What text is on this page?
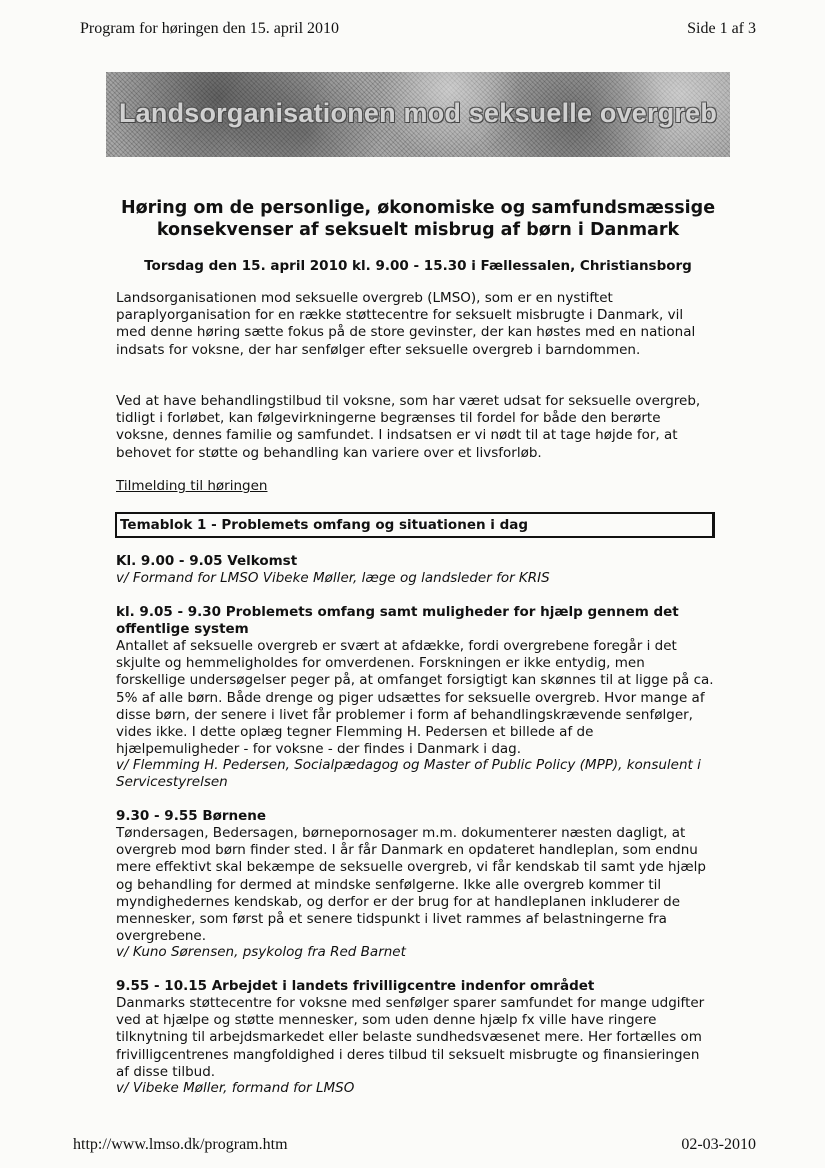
Program for høringen den 15. april 2010	Side 1 af 3
Landsorganisationen mod seksuelle overgreb
Høring om de personlige, økonomiske og samfundsmæssige
konsekvenser af seksuelt misbrug af børn i Danmark
Torsdag den 15. april 2010 kl. 9.00 - 15.30 i Fællessalen, Christiansborg

Landsorganisationen mod seksuelle overgreb (LMSO), som er en nystiftet paraplyorganisation for en række støttecentre for seksuelt misbrugte i Danmark, vil med denne høring sætte fokus på de store gevinster, der kan høstes med en national indsats for voksne, der har senfølger efter seksuelle overgreb i barndommen.

Ved at have behandlingstilbud til voksne, som har været udsat for seksuelle overgreb, tidligt i forløbet, kan følgevirkningerne begrænses til fordel for både den berørte voksne, dennes familie og samfundet. I indsatsen er vi nødt til at tage højde for, at behovet for støtte og behandling kan variere over et livsforløb.

Tilmelding til høringen
Temablok 1 - Problemets omfang og situationen i dag
Kl. 9.00 - 9.05 Velkomst
v/ Formand for LMSO Vibeke Møller, læge og landsleder for KRIS
kl. 9.05 - 9.30 Problemets omfang samt muligheder for hjælp gennem det offentlige system
Antallet af seksuelle overgreb er svært at afdække, fordi overgrebene foregår i det skjulte og hemmeligholdes for omverdenen. Forskningen er ikke entydig, men forskellige undersøgelser peger på, at omfanget forsigtigt kan skønnes til at ligge på ca. 5% af alle børn. Både drenge og piger udsættes for seksuelle overgreb. Hvor mange af disse børn, der senere i livet får problemer i form af behandlingskrævende senfølger, vides ikke. I dette oplæg tegner Flemming H. Pedersen et billede af de hjælpemuligheder - for voksne - der findes i Danmark i dag.
v/ Flemming H. Pedersen, Socialpædagog og Master of Public Policy (MPP), konsulent i Servicestyrelsen
9.30 - 9.55 Børnene
Tøndersagen, Bedersagen, børnepornosager m.m. dokumenterer næsten dagligt, at overgreb mod børn finder sted. I år får Danmark en opdateret handleplan, som endnu mere effektivt skal bekæmpe de seksuelle overgreb, vi får kendskab til samt yde hjælp og behandling for dermed at mindske senfølgerne. Ikke alle overgreb kommer til myndighedernes kendskab, og derfor er der brug for at handleplanen inkluderer de mennesker, som først på et senere tidspunkt i livet rammes af belastningerne fra overgrebene.
v/ Kuno Sørensen, psykolog fra Red Barnet
9.55 - 10.15 Arbejdet i landets frivilligcentre indenfor området
Danmarks støttecentre for voksne med senfølger sparer samfundet for mange udgifter ved at hjælpe og støtte mennesker, som uden denne hjælp fx ville have ringere tilknytning til arbejdsmarkedet eller belaste sundhedsvæsenet mere. Her fortælles om frivilligcentrenes mangfoldighed i deres tilbud til seksuelt misbrugte og finansieringen af disse tilbud.
v/ Vibeke Møller, formand for LMSO
http://www.lmso.dk/program.htm	02-03-2010
